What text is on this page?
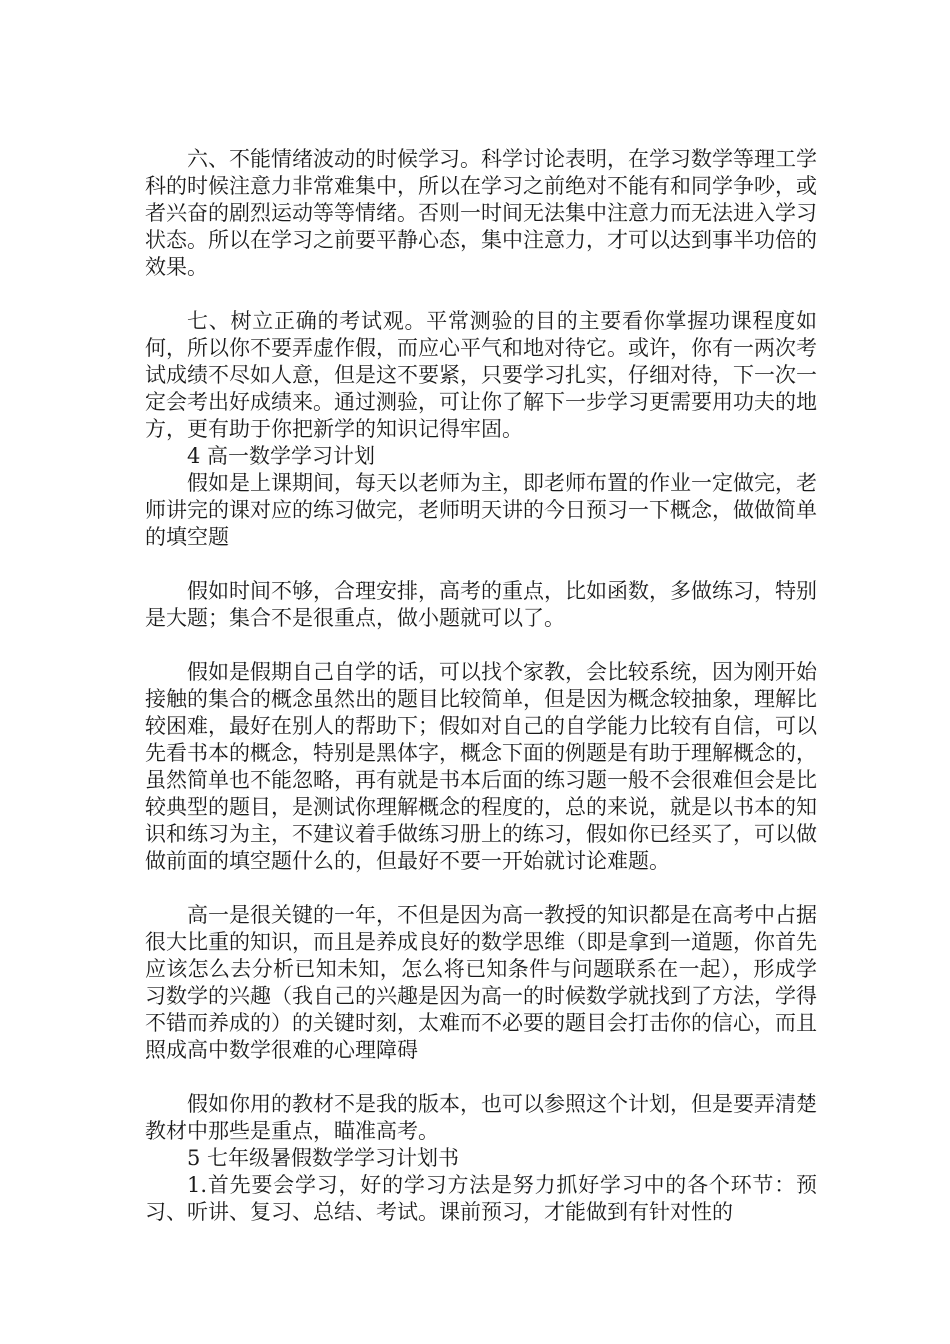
六、不能情绪波动的时候学习。科学讨论表明，在学习数学等理工学科的时候注意力非常难集中，所以在学习之前绝对不能有和同学争吵，或者兴奋的剧烈运动等等情绪。否则一时间无法集中注意力而无法进入学习状态。所以在学习之前要平静心态，集中注意力，才可以达到事半功倍的效果。

七、树立正确的考试观。平常测验的目的主要看你掌握功课程度如何，所以你不要弄虚作假，而应心平气和地对待它。或许，你有一两次考试成绩不尽如人意，但是这不要紧，只要学习扎实，仔细对待，下一次一定会考出好成绩来。通过测验，可让你了解下一步学习更需要用功夫的地方，更有助于你把新学的知识记得牢固。

4 高一数学学习计划

假如是上课期间，每天以老师为主，即老师布置的作业一定做完，老师讲完的课对应的练习做完，老师明天讲的今日预习一下概念，做做简单的填空题

假如时间不够，合理安排，高考的重点，比如函数，多做练习，特别是大题；集合不是很重点，做小题就可以了。

假如是假期自己自学的话，可以找个家教，会比较系统，因为刚开始接触的集合的概念虽然出的题目比较简单，但是因为概念较抽象，理解比较困难，最好在别人的帮助下；假如对自己的自学能力比较有自信，可以先看书本的概念，特别是黑体字，概念下面的例题是有助于理解概念的，虽然简单也不能忽略，再有就是书本后面的练习题一般不会很难但会是比较典型的题目，是测试你理解概念的程度的，总的来说，就是以书本的知识和练习为主，不建议着手做练习册上的练习，假如你已经买了，可以做做前面的填空题什么的，但最好不要一开始就讨论难题。

高一是很关键的一年，不但是因为高一教授的知识都是在高考中占据很大比重的知识，而且是养成良好的数学思维（即是拿到一道题，你首先应该怎么去分析已知未知，怎么将已知条件与问题联系在一起），形成学习数学的兴趣（我自己的兴趣是因为高一的时候数学就找到了方法，学得不错而养成的）的关键时刻，太难而不必要的题目会打击你的信心，而且照成高中数学很难的心理障碍

假如你用的教材不是我的版本，也可以参照这个计划，但是要弄清楚教材中那些是重点，瞄准高考。

5 七年级暑假数学学习计划书

1.首先要会学习，好的学习方法是努力抓好学习中的各个环节：预习、听讲、复习、总结、考试。课前预习，才能做到有针对性的
